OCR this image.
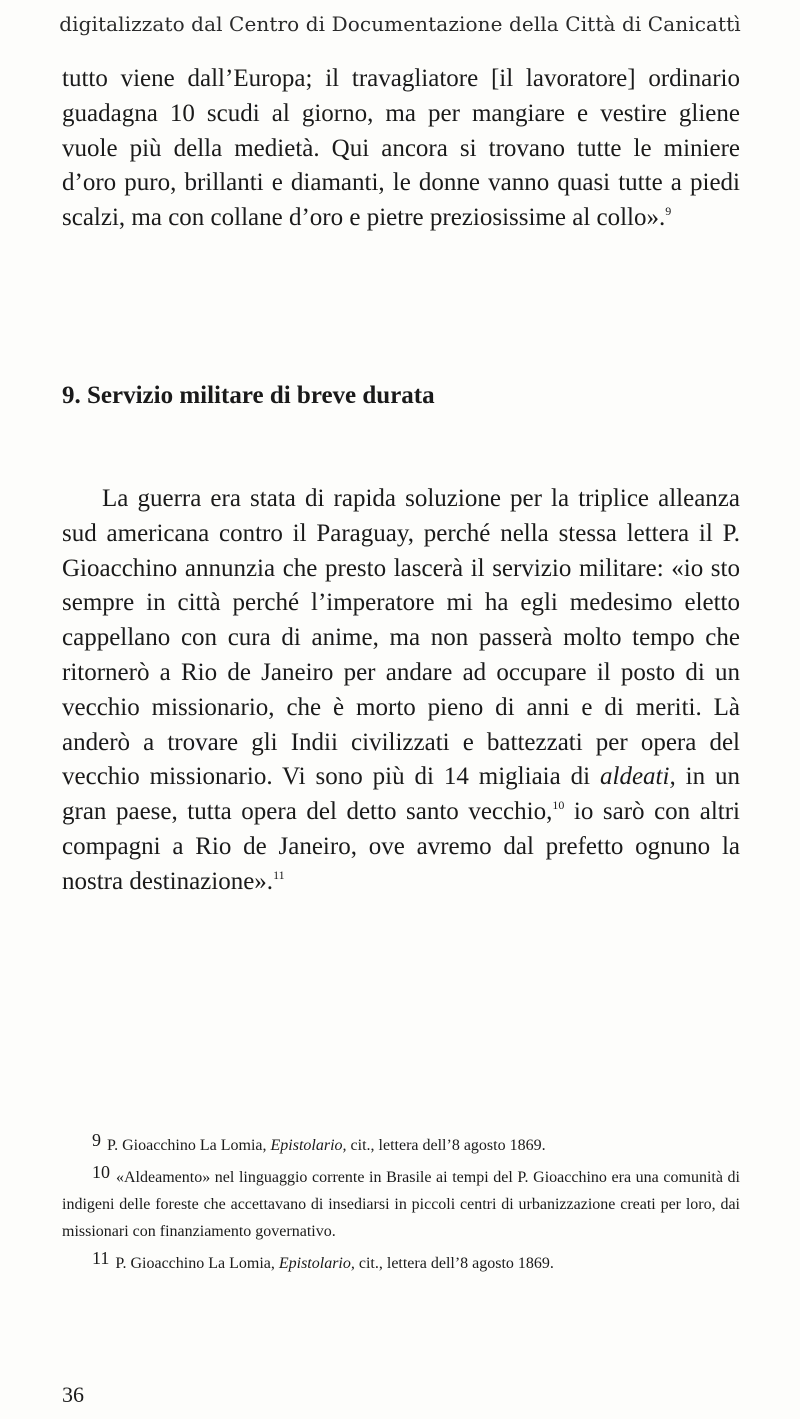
digitalizzato dal Centro di Documentazione della Città di Canicattì

tutto viene dall’Europa; il travagliatore [il lavoratore] ordinario guadagna 10 scudi al giorno, ma per mangiare e vestire gliene vuole più della medietà. Qui ancora si trovano tutte le miniere d’oro puro, brillanti e diamanti, le donne vanno quasi tutte a piedi scalzi, ma con collane d’oro e pietre preziosissime al collo».$^9$

9. Servizio militare di breve durata

La guerra era stata di rapida soluzione per la triplice alleanza sud americana contro il Paraguay, perché nella stessa lettera il P. Gioacchino annunzia che presto lascerà il servizio militare: «io sto sempre in città perché l’imperatore mi ha egli medesimo eletto cappellano con cura di anime, ma non passerà molto tempo che ritornerò a Rio de Janeiro per andare ad occupare il posto di un vecchio missionario, che è morto pieno di anni e di meriti. Là anderò a trovare gli Indii civilizzati e battezzati per opera del vecchio missionario. Vi sono più di 14 migliaia di aldeati, in un gran paese, tutta opera del detto santo vecchio,$^{10}$ io sarò con altri compagni a Rio de Janeiro, ove avremo dal prefetto ognuno la nostra destinazione».$^{11}$

9 P. Gioacchino La Lomia, Epistolario, cit., lettera dell’8 agosto 1869.

10 «Aldeamento» nel linguaggio corrente in Brasile ai tempi del P. Gioacchino era una comunità di indigeni delle foreste che accettavano di insediarsi in piccoli centri di urbanizzazione creati per loro, dai missionari con finanziamento governativo.

11 P. Gioacchino La Lomia, Epistolario, cit., lettera dell’8 agosto 1869.

36
